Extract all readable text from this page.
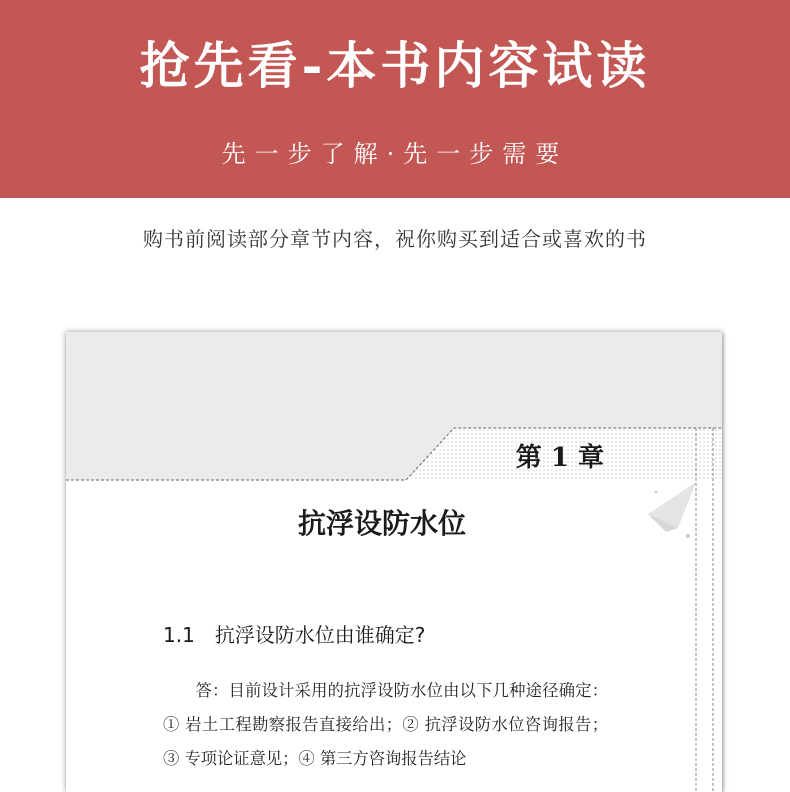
抢先看-本书内容试读
先一步了解·先一步需要
购书前阅读部分章节内容，祝你购买到适合或喜欢的书
第 1 章
抗浮设防水位
1.1 抗浮设防水位由谁确定?
答：目前设计采用的抗浮设防水位由以下几种途径确定：① 岩土工程勘察报告直接给出；② 抗浮设防水位咨询报告；③ 专项论证意见；④ 第三方咨询报告结论
